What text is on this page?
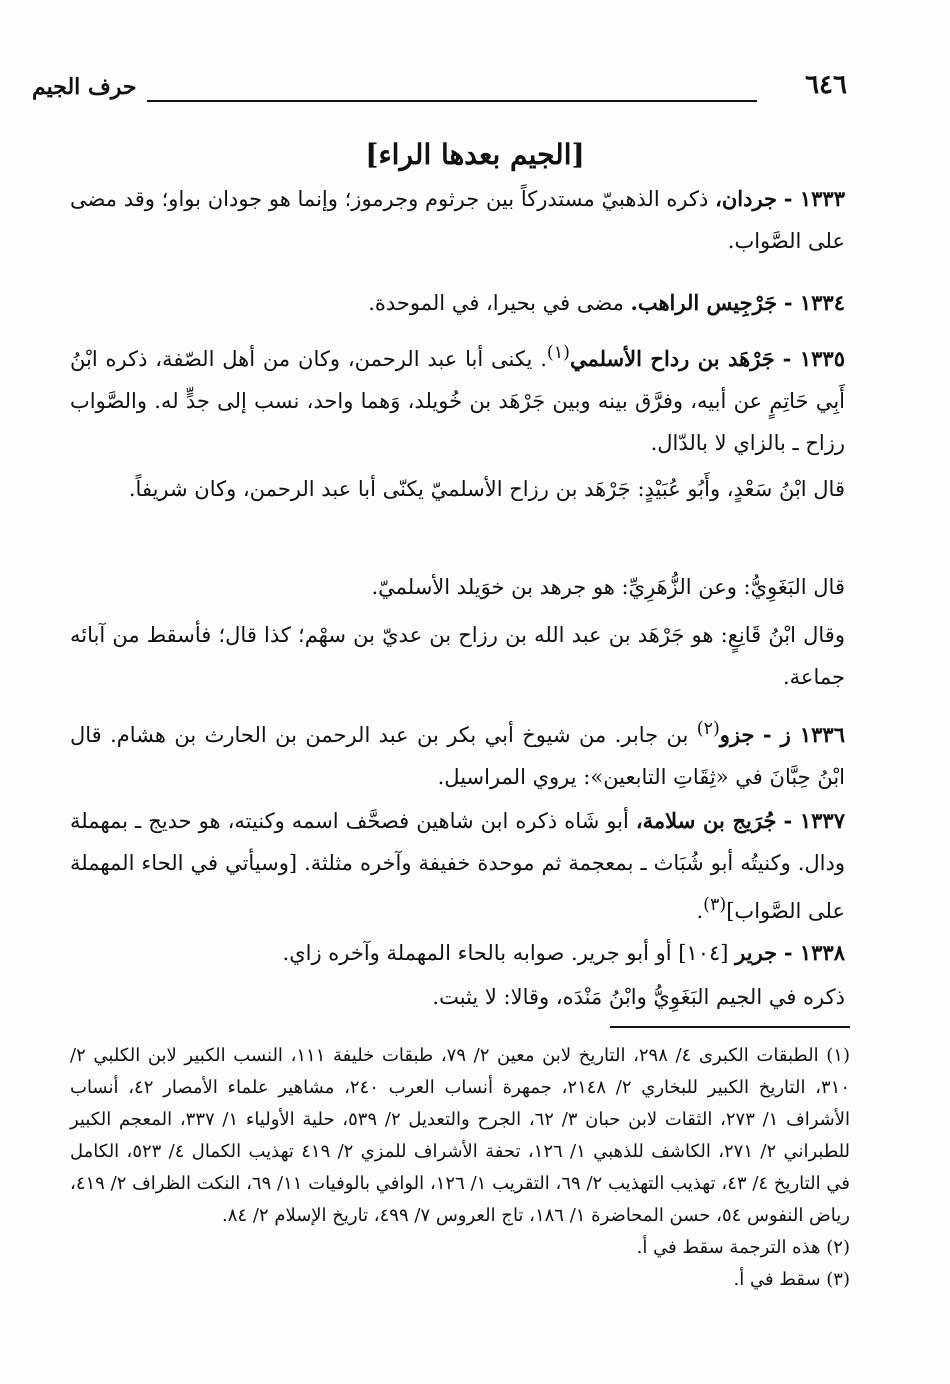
٦٤٦
حرف الجيم
[الجيم بعدها الراء]
١٣٣٣ - جردان، ذكره الذهبيّ مستدركاً بين جرثوم وجرموز؛ وإنما هو جودان بواو؛ وقد مضى على الصَّواب.
١٣٣٤ - جَرْجِيس الراهب. مضى في بحيرا، في الموحدة.
١٣٣٥ - جَرْهَد بن رداح الأسلمي$^{(١)}$. يكنى أبا عبد الرحمن، وكان من أهل الصّفة، ذكره ابْنُ أَبِي حَاتِمٍ عن أبيه، وفرَّق بينه وبين جَرْهَد بن خُويلد، وَهما واحد، نسب إلى جدٍّ له. والصَّواب رزاح ـ بالزاي لا بالدّال.
قال ابْنُ سَعْدٍ، وأَبُو عُبَيْدٍ: جَرْهَد بن رزاح الأسلميّ يكنّى أبا عبد الرحمن، وكان شريفاً.
قال البَغَوِيُّ: وعن الزُّهَرِيِّ: هو جرهد بن خوَيلد الأسلميّ.
وقال ابْنُ قَانِعٍ: هو جَرْهَد بن عبد الله بن رزاح بن عديّ بن سهْم؛ كذا قال؛ فأسقط من آبائه جماعة.
١٣٣٦ ز - جزو$^{(٢)}$ بن جابر. من شيوخ أبي بكر بن عبد الرحمن بن الحارث بن هشام. قال ابْنُ حِبَّانَ في «ثِقَاتِ التابعين»: يروي المراسيل.
١٣٣٧ - جُرَيج بن سلامة، أبو شَاه ذكره ابن شاهين فصحَّف اسمه وكنيته، هو حديج ـ بمهملة ودال. وكنيتُه أبو شُبَاث ـ بمعجمة ثم موحدة خفيفة وآخره مثلثة. [وسيأتي في الحاء المهملة على الصَّواب]$^{(٣)}$.
١٣٣٨ - جرير [١٠٤] أو أبو جرير. صوابه بالحاء المهملة وآخره زاي.
ذكره في الجيم البَغَوِيُّ وابْنُ مَنْدَه، وقالا: لا يثبت.

(١) الطبقات الكبرى ٤/ ٢٩٨، التاريخ لابن معين ٢/ ٧٩، طبقات خليفة ١١١، النسب الكبير لابن الكلبي ٢/ ٣١٠، التاريخ الكبير للبخاري ٢/ ٢١٤٨، جمهرة أنساب العرب ٢٤٠، مشاهير علماء الأمصار ٤٢، أنساب الأشراف ١/ ٢٧٣، الثقات لابن حبان ٣/ ٦٢، الجرح والتعديل ٢/ ٥٣٩، حلية الأولياء ١/ ٣٣٧، المعجم الكبير للطبراني ٢/ ٢٧١، الكاشف للذهبي ١/ ١٢٦، تحفة الأشراف للمزي ٢/ ٤١٩ تهذيب الكمال ٤/ ٥٢٣، الكامل في التاريخ ٤/ ٤٣، تهذيب التهذيب ٢/ ٦٩، التقريب ١/ ١٢٦، الوافي بالوفيات ١١/ ٦٩، النكت الظراف ٢/ ٤١٩، رياض النفوس ٥٤، حسن المحاضرة ١/ ١٨٦، تاج العروس ٧/ ٤٩٩، تاريخ الإسلام ٢/ ٨٤.

(٢) هذه الترجمة سقط في أ.

(٣) سقط في أ.
